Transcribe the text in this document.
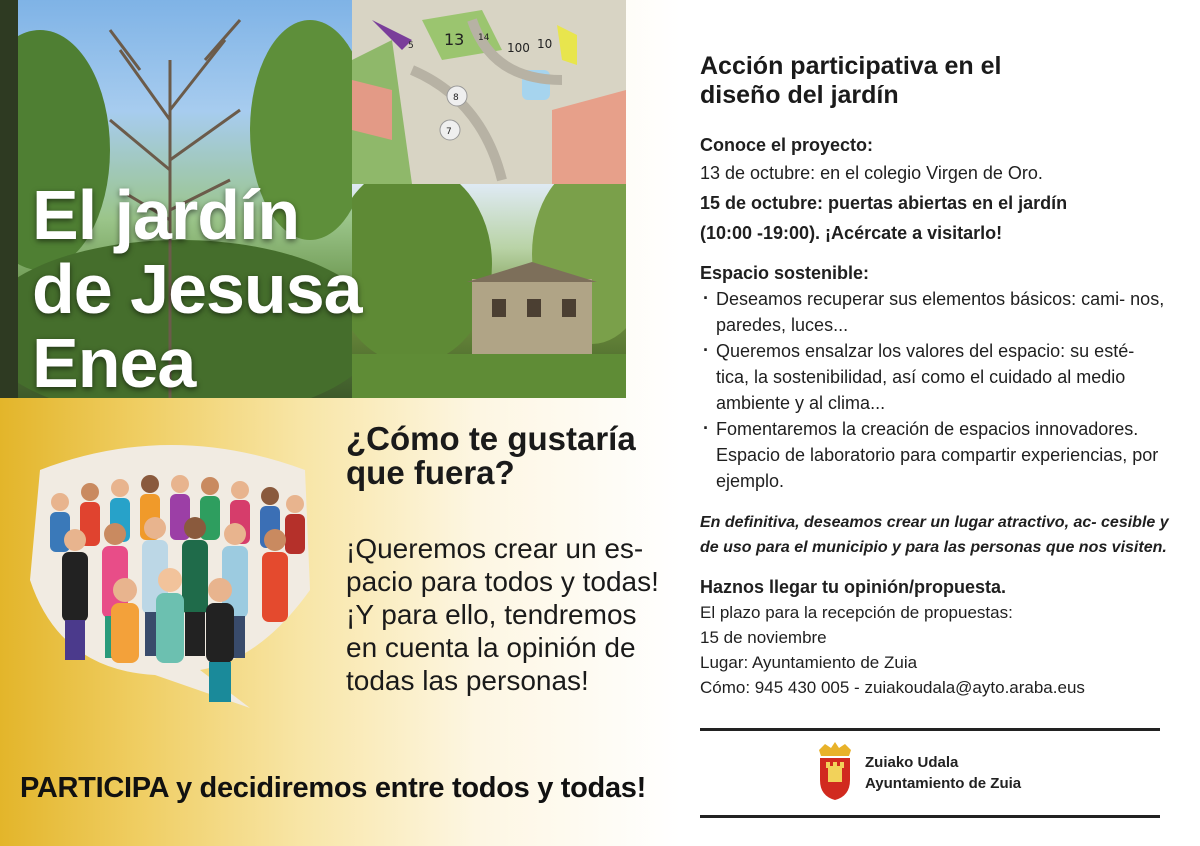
13 14
100 10
5
8
7
El jardín
de Jesusa
Enea
¿Cómo te gustaría que fuera?

¡Queremos crear un es-

pacio para todos y todas!

¡Y para ello, tendremos

en cuenta la opinión de

todas las personas!

PARTICIPA y decidiremos entre todos y todas!

Acción participativa en el
diseño del jardín
Conoce el proyecto:

13 de octubre: en el colegio Virgen de Oro.

15 de octubre: puertas abiertas en el jardín

(10:00 -19:00). ¡Acércate a visitarlo!

Espacio sostenible:
· Deseamos recuperar sus elementos básicos: cami- nos, paredes, luces...
· Queremos ensalzar los valores del espacio: su esté- tica, la sostenibilidad, así como el cuidado al medio ambiente y al clima...
· Fomentaremos la creación de espacios innovadores. Espacio de laboratorio para compartir experiencias, por ejemplo.

En definitiva, deseamos crear un lugar atractivo, ac- cesible y de uso para el municipio y para las personas que nos visiten.

Haznos llegar tu opinión/propuesta.

El plazo para la recepción de propuestas:

15 de noviembre

Lugar: Ayuntamiento de Zuia

Cómo: 945 430 005 - zuiakoudala@ayto.araba.eus

Zuiako Udala
Ayuntamiento de Zuia
